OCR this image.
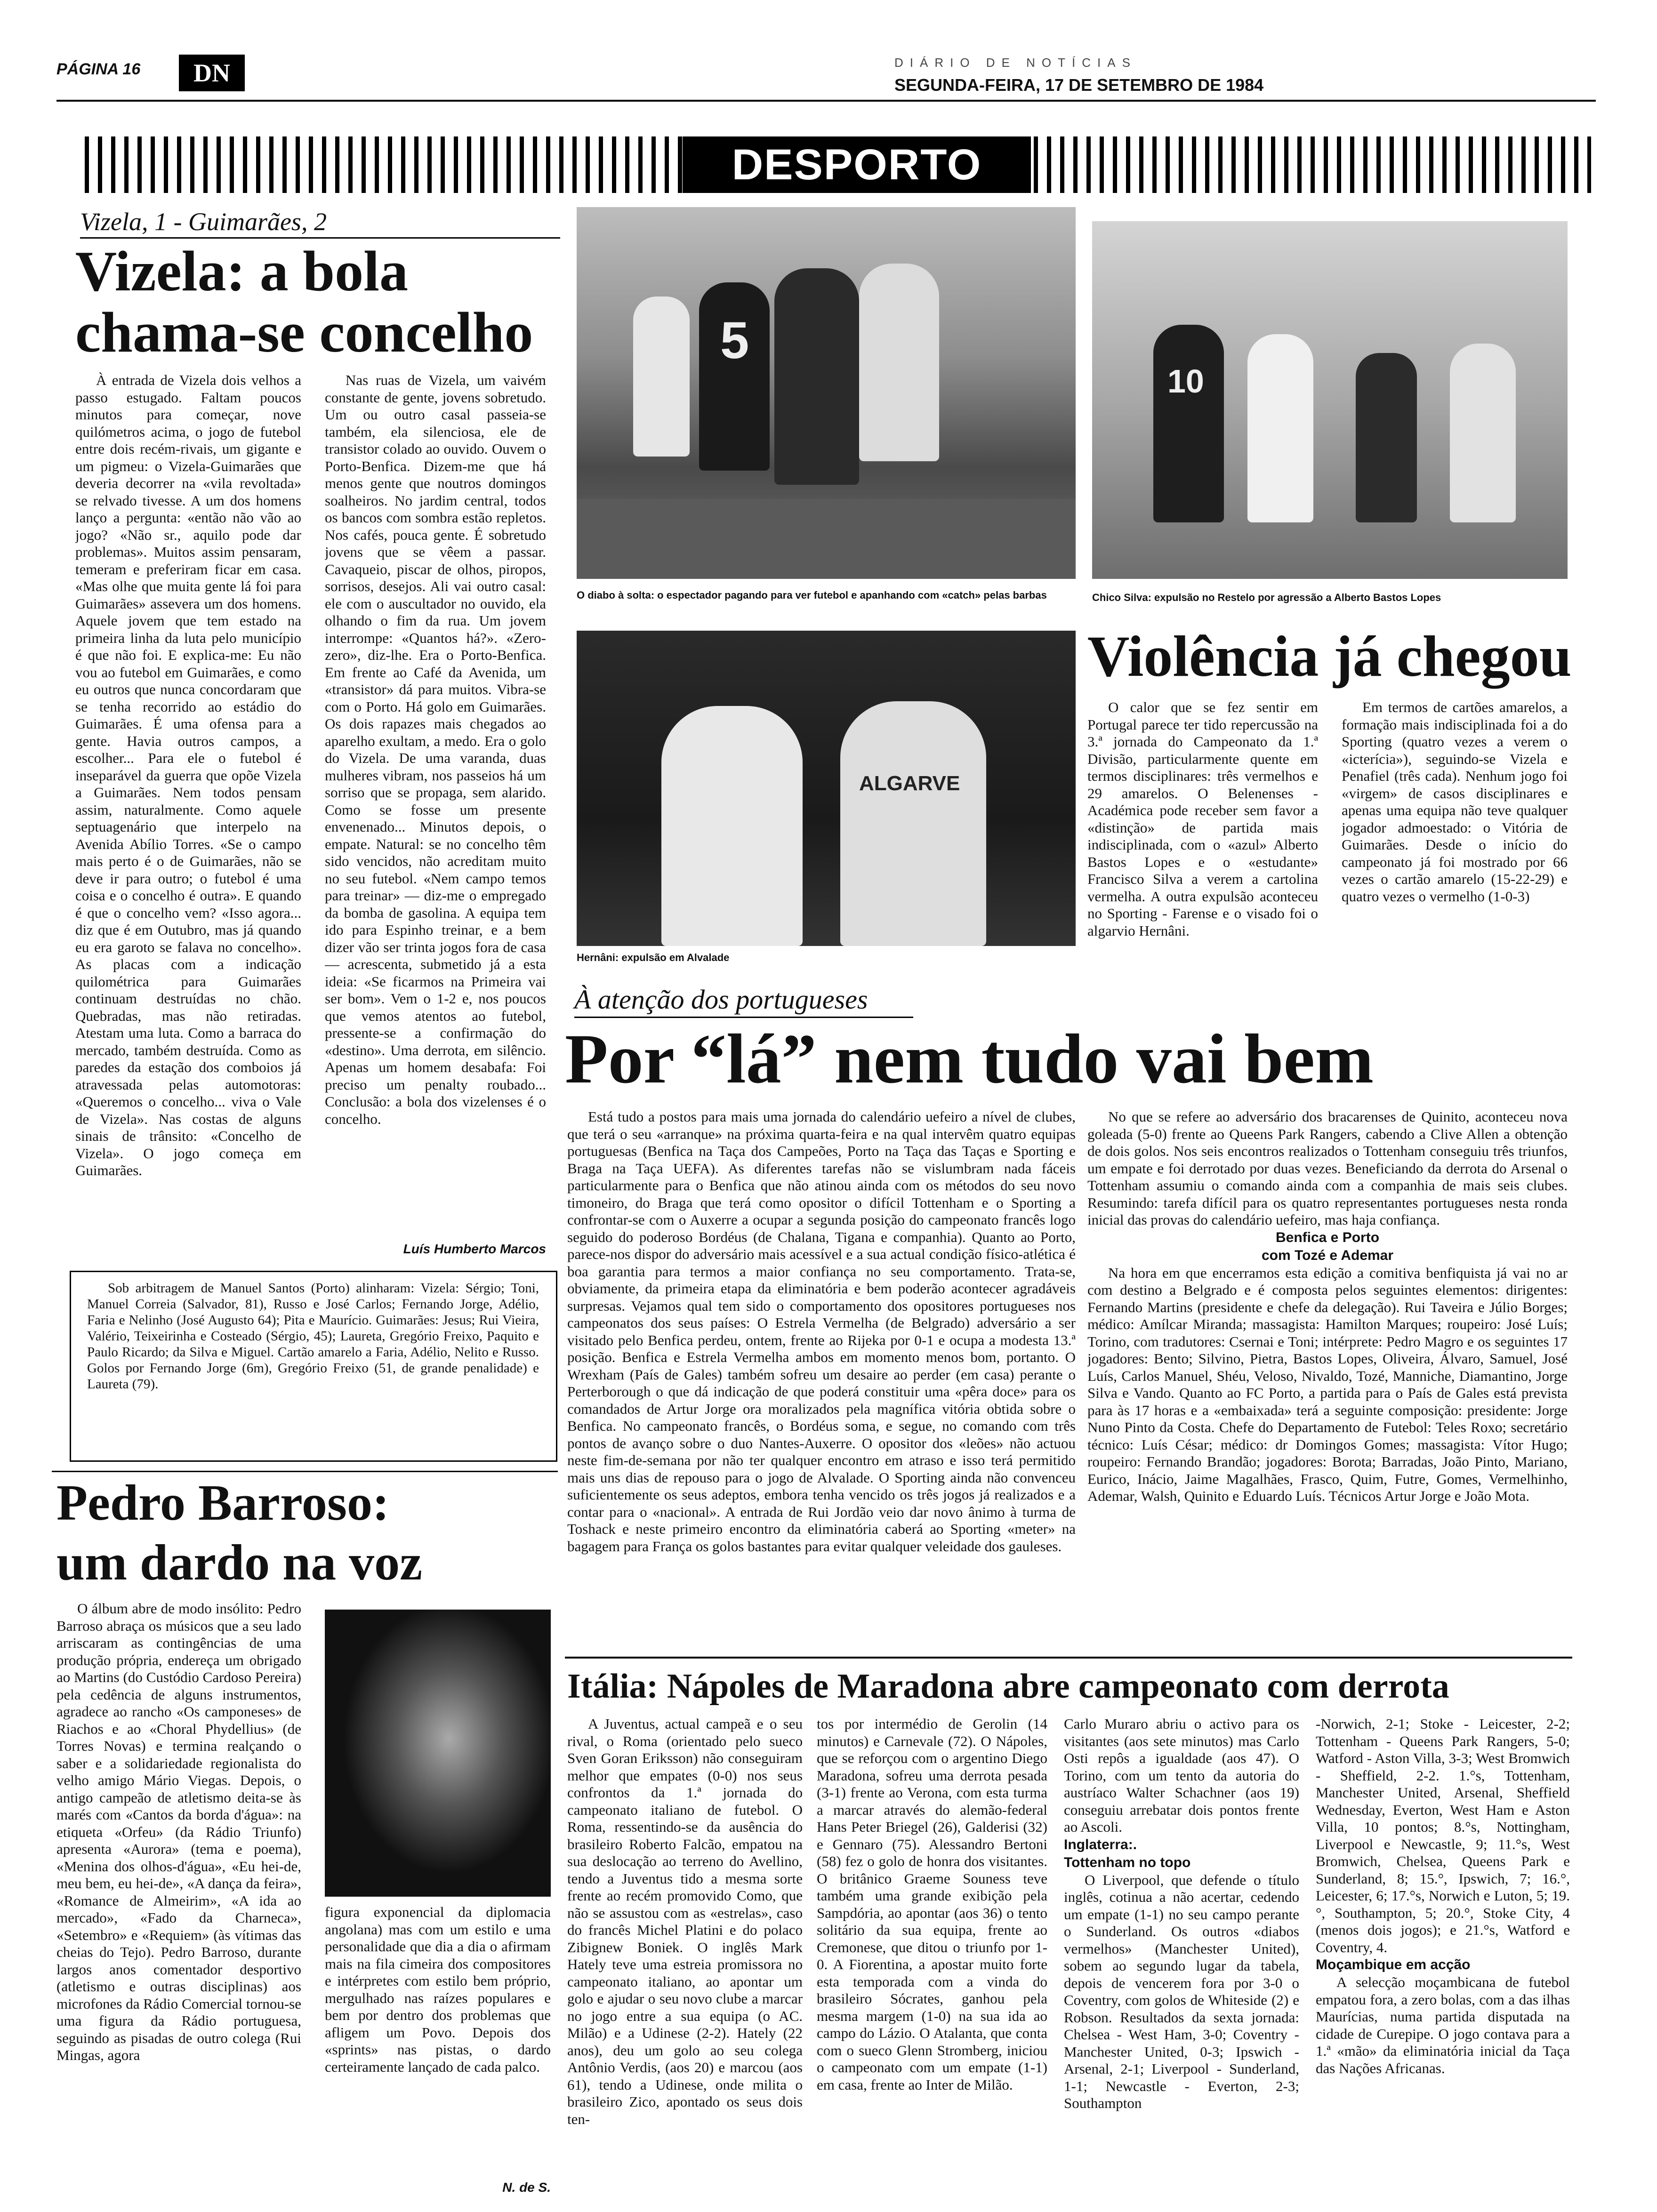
PÁGINA 16	DN	DIÁRIO DE NOTÍCIAS
SEGUNDA-FEIRA, 17 DE SETEMBRO DE 1984
DESPORTO
Vizela, 1 - Guimarães, 2
Vizela: a bola
chama-se concelho

À entrada de Vizela dois velhos a passo estugado. Faltam poucos minutos para começar, nove quilómetros acima, o jogo de futebol entre dois recém-rivais, um gigante e um pigmeu: o Vizela-Guimarães que deveria decorrer na «vila revoltada» se relvado tivesse. A um dos homens lanço a pergunta: «então não vão ao jogo? «Não sr., aquilo pode dar problemas». Muitos assim pensaram, temeram e preferiram ficar em casa. «Mas olhe que muita gente lá foi para Guimarães» assevera um dos homens. Aquele jovem que tem estado na primeira linha da luta pelo município é que não foi. E explica-me: Eu não vou ao futebol em Guimarães, e como eu outros que nunca concordaram que se tenha recorrido ao estádio do Guimarães. É uma ofensa para a gente. Havia outros campos, a escolher... Para ele o futebol é inseparável da guerra que opõe Vizela a Guimarães. Nem todos pensam assim, naturalmente. Como aquele septuagenário que interpelo na Avenida Abílio Torres. «Se o campo mais perto é o de Guimarães, não se deve ir para outro; o futebol é uma coisa e o concelho é outra». E quando é que o concelho vem? «Isso agora... diz que é em Outubro, mas já quando eu era garoto se falava no concelho». As placas com a indicação quilométrica para Guimarães continuam destruídas no chão. Quebradas, mas não retiradas. Atestam uma luta. Como a barraca do mercado, também destruída. Como as paredes da estação dos comboios já atravessada pelas automotoras: «Queremos o concelho... viva o Vale de Vizela». Nas costas de alguns sinais de trânsito: «Concelho de Vizela». O jogo começa em Guimarães.

Nas ruas de Vizela, um vaivém constante de gente, jovens sobretudo. Um ou outro casal passeia-se também, ela silenciosa, ele de transistor colado ao ouvido. Ouvem o Porto-Benfica. Dizem-me que há menos gente que noutros domingos soalheiros. No jardim central, todos os bancos com sombra estão repletos. Nos cafés, pouca gente. É sobretudo jovens que se vêem a passar. Cavaqueio, piscar de olhos, piropos, sorrisos, desejos. Ali vai outro casal: ele com o auscultador no ouvido, ela olhando o fim da rua. Um jovem interrompe: «Quantos há?». «Zero-zero», diz-lhe. Era o Porto-Benfica. Em frente ao Café da Avenida, um «transistor» dá para muitos. Vibra-se com o Porto. Há golo em Guimarães. Os dois rapazes mais chegados ao aparelho exultam, a medo. Era o golo do Vizela. De uma varanda, duas mulheres vibram, nos passeios há um sorriso que se propaga, sem alarido. Como se fosse um presente envenenado... Minutos depois, o empate. Natural: se no concelho têm sido vencidos, não acreditam muito no seu futebol. «Nem campo temos para treinar» — diz-me o empregado da bomba de gasolina. A equipa tem ido para Espinho treinar, e a bem dizer vão ser trinta jogos fora de casa — acrescenta, submetido já a esta ideia: «Se ficarmos na Primeira vai ser bom». Vem o 1-2 e, nos poucos que vemos atentos ao futebol, pressente-se a confirmação do «destino». Uma derrota, em silêncio. Apenas um homem desabafa: Foi preciso um penalty roubado... Conclusão: a bola dos vizelenses é o concelho.

Luís Humberto Marcos

Sob arbitragem de Manuel Santos (Porto) alinharam: Vizela: Sérgio; Toni, Manuel Correia (Salvador, 81), Russo e José Carlos; Fernando Jorge, Adélio, Faria e Nelinho (José Augusto 64); Pita e Maurício. Guimarães: Jesus; Rui Vieira, Valério, Teixeirinha e Costeado (Sérgio, 45); Laureta, Gregório Freixo, Paquito e Paulo Ricardo; da Silva e Miguel. Cartão amarelo a Faria, Adélio, Nelito e Russo. Golos por Fernando Jorge (6m), Gregório Freixo (51, de grande penalidade) e Laureta (79).

5
O diabo à solta: o espectador pagando para ver futebol e apanhando com «catch» pelas barbas
10
Chico Silva: expulsão no Restelo por agressão a Alberto Bastos Lopes
ALGARVE
Hernâni: expulsão em Alvalade
Violência já chegou

O calor que se fez sentir em Portugal parece ter tido repercussão na 3.ª jornada do Campeonato da 1.ª Divisão, particularmente quente em termos disciplinares: três vermelhos e 29 amarelos. O Belenenses - Académica pode receber sem favor a «distinção» de partida mais indisciplinada, com o «azul» Alberto Bastos Lopes e o «estudante» Francisco Silva a verem a cartolina vermelha. A outra expulsão aconteceu no Sporting - Farense e o visado foi o algarvio Hernâni.

Em termos de cartões amarelos, a formação mais indisciplinada foi a do Sporting (quatro vezes a verem o «icterícia»), seguindo-se Vizela e Penafiel (três cada). Nenhum jogo foi «virgem» de casos disciplinares e apenas uma equipa não teve qualquer jogador admoestado: o Vitória de Guimarães. Desde o início do campeonato já foi mostrado por 66 vezes o cartão amarelo (15-22-29) e quatro vezes o vermelho (1-0-3)

À atenção dos portugueses
Por “lá” nem tudo vai bem

Está tudo a postos para mais uma jornada do calendário uefeiro a nível de clubes, que terá o seu «arranque» na próxima quarta-feira e na qual intervêm quatro equipas portuguesas (Benfica na Taça dos Campeões, Porto na Taça das Taças e Sporting e Braga na Taça UEFA). As diferentes tarefas não se vislumbram nada fáceis particularmente para o Benfica que não atinou ainda com os métodos do seu novo timoneiro, do Braga que terá como opositor o difícil Tottenham e o Sporting a confrontar-se com o Auxerre a ocupar a segunda posição do campeonato francês logo seguido do poderoso Bordéus (de Chalana, Tigana e companhia). Quanto ao Porto, parece-nos dispor do adversário mais acessível e a sua actual condição físico-atlética é boa garantia para termos a maior confiança no seu comportamento. Trata-se, obviamente, da primeira etapa da eliminatória e bem poderão acontecer agradáveis surpresas. Vejamos qual tem sido o comportamento dos opositores portugueses nos campeonatos dos seus países: O Estrela Vermelha (de Belgrado) adversário a ser visitado pelo Benfica perdeu, ontem, frente ao Rijeka por 0-1 e ocupa a modesta 13.ª posição. Benfica e Estrela Vermelha ambos em momento menos bom, portanto. O Wrexham (País de Gales) também sofreu um desaire ao perder (em casa) perante o Perterborough o que dá indicação de que poderá constituir uma «pêra doce» para os comandados de Artur Jorge ora moralizados pela magnífica vitória obtida sobre o Benfica. No campeonato francês, o Bordéus soma, e segue, no comando com três pontos de avanço sobre o duo Nantes-Auxerre. O opositor dos «leões» não actuou neste fim-de-semana por não ter qualquer encontro em atraso e isso terá permitido mais uns dias de repouso para o jogo de Alvalade. O Sporting ainda não convenceu suficientemente os seus adeptos, embora tenha vencido os três jogos já realizados e a contar para o «nacional». A entrada de Rui Jordão veio dar novo ânimo à turma de Toshack e neste primeiro encontro da eliminatória caberá ao Sporting «meter» na bagagem para França os golos bastantes para evitar qualquer veleidade dos gauleses.

No que se refere ao adversário dos bracarenses de Quinito, aconteceu nova goleada (5-0) frente ao Queens Park Rangers, cabendo a Clive Allen a obtenção de dois golos. Nos seis encontros realizados o Tottenham conseguiu três triunfos, um empate e foi derrotado por duas vezes. Beneficiando da derrota do Arsenal o Tottenham assumiu o comando ainda com a companhia de mais seis clubes. Resumindo: tarefa difícil para os quatro representantes portugueses nesta ronda inicial das provas do calendário uefeiro, mas haja confiança.

Benfica e Porto
com Tozé e Ademar

Na hora em que encerramos esta edição a comitiva benfiquista já vai no ar com destino a Belgrado e é composta pelos seguintes elementos: dirigentes: Fernando Martins (presidente e chefe da delegação). Rui Taveira e Júlio Borges; médico: Amílcar Miranda; massagista: Hamilton Marques; roupeiro: José Luís; Torino, com tradutores: Csernai e Toni; intérprete: Pedro Magro e os seguintes 17 jogadores: Bento; Silvino, Pietra, Bastos Lopes, Oliveira, Álvaro, Samuel, José Luís, Carlos Manuel, Shéu, Veloso, Nivaldo, Tozé, Manniche, Diamantino, Jorge Silva e Vando. Quanto ao FC Porto, a partida para o País de Gales está prevista para às 17 horas e a «embaixada» terá a seguinte composição: presidente: Jorge Nuno Pinto da Costa. Chefe do Departamento de Futebol: Teles Roxo; secretário técnico: Luís César; médico: dr Domingos Gomes; massagista: Vítor Hugo; roupeiro: Fernando Brandão; jogadores: Borota; Barradas, João Pinto, Mariano, Eurico, Inácio, Jaime Magalhães, Frasco, Quim, Futre, Gomes, Vermelhinho, Ademar, Walsh, Quinito e Eduardo Luís. Técnicos Artur Jorge e João Mota.

Pedro Barroso:
um dardo na voz

O álbum abre de modo insólito: Pedro Barroso abraça os músicos que a seu lado arriscaram as contingências de uma produção própria, endereça um obrigado ao Martins (do Custódio Cardoso Pereira) pela cedência de alguns instrumentos, agradece ao rancho «Os camponeses» de Riachos e ao «Choral Phydellius» (de Torres Novas) e termina realçando o saber e a solidariedade regionalista do velho amigo Mário Viegas. Depois, o antigo campeão de atletismo deita-se às marés com «Cantos da borda d'água»: na etiqueta «Orfeu» (da Rádio Triunfo) apresenta «Aurora» (tema e poema), «Menina dos olhos-d'água», «Eu hei-de, meu bem, eu hei-de», «A dança da feira», «Romance de Almeirim», «A ida ao mercado», «Fado da Charneca», «Setembro» e «Requiem» (às vítimas das cheias do Tejo). Pedro Barroso, durante largos anos comentador desportivo (atletismo e outras disciplinas) aos microfones da Rádio Comercial tornou-se uma figura da Rádio portuguesa, seguindo as pisadas de outro colega (Rui Mingas, agora

figura exponencial da diplomacia angolana) mas com um estilo e uma personalidade que dia a dia o afirmam mais na fila cimeira dos compositores e intérpretes com estilo bem próprio, mergulhado nas raízes populares e bem por dentro dos problemas que afligem um Povo. Depois dos «sprints» nas pistas, o dardo certeiramente lançado de cada palco.

N. de S.
Itália: Nápoles de Maradona abre campeonato com derrota

A Juventus, actual campeã e o seu rival, o Roma (orientado pelo sueco Sven Goran Eriksson) não conseguiram melhor que empates (0-0) nos seus confrontos da 1.ª jornada do campeonato italiano de futebol. O Roma, ressentindo-se da ausência do brasileiro Roberto Falcão, empatou na sua deslocação ao terreno do Avellino, tendo a Juventus tido a mesma sorte frente ao recém promovido Como, que não se assustou com as «estrelas», caso do francês Michel Platini e do polaco Zibignew Boniek. O inglês Mark Hately teve uma estreia promissora no campeonato italiano, ao apontar um golo e ajudar o seu novo clube a marcar no jogo entre a sua equipa (o AC. Milão) e a Udinese (2-2). Hately (22 anos), deu um golo ao seu colega Antônio Verdis, (aos 20) e marcou (aos 61), tendo a Udinese, onde milita o brasileiro Zico, apontado os seus dois ten-

tos por intermédio de Gerolin (14 minutos) e Carnevale (72). O Nápoles, que se reforçou com o argentino Diego Maradona, sofreu uma derrota pesada (3-1) frente ao Verona, com esta turma a marcar através do alemão-federal Hans Peter Briegel (26), Galderisi (32) e Gennaro (75). Alessandro Bertoni (58) fez o golo de honra dos visitantes. O britânico Graeme Souness teve também uma grande exibição pela Sampdória, ao apontar (aos 36) o tento solitário da sua equipa, frente ao Cremonese, que ditou o triunfo por 1-0. A Fiorentina, a apostar muito forte esta temporada com a vinda do brasileiro Sócrates, ganhou pela mesma margem (1-0) na sua ida ao campo do Lázio. O Atalanta, que conta com o sueco Glenn Stromberg, iniciou o campeonato com um empate (1-1) em casa, frente ao Inter de Milão.

Carlo Muraro abriu o activo para os visitantes (aos sete minutos) mas Carlo Osti repôs a igualdade (aos 47). O Torino, com um tento da autoria do austríaco Walter Schachner (aos 19) conseguiu arrebatar dois pontos frente ao Ascoli.

Inglaterra:.
Tottenham no topo

O Liverpool, que defende o título inglês, cotinua a não acertar, cedendo um empate (1-1) no seu campo perante o Sunderland. Os outros «diabos vermelhos» (Manchester United), sobem ao segundo lugar da tabela, depois de vencerem fora por 3-0 o Coventry, com golos de Whiteside (2) e Robson. Resultados da sexta jornada: Chelsea - West Ham, 3-0; Coventry - Manchester United, 0-3; Ipswich - Arsenal, 2-1; Liverpool - Sunderland, 1-1; Newcastle - Everton, 2-3; Southampton

-Norwich, 2-1; Stoke - Leicester, 2-2; Tottenham - Queens Park Rangers, 5-0; Watford - Aston Villa, 3-3; West Bromwich - Sheffield, 2-2. 1.°s, Tottenham, Manchester United, Arsenal, Sheffield Wednesday, Everton, West Ham e Aston Villa, 10 pontos; 8.°s, Nottingham, Liverpool e Newcastle, 9; 11.°s, West Bromwich, Chelsea, Queens Park e Sunderland, 8; 15.°, Ipswich, 7; 16.°, Leicester, 6; 17.°s, Norwich e Luton, 5; 19.°, Southampton, 5; 20.°, Stoke City, 4 (menos dois jogos); e 21.°s, Watford e Coventry, 4.

Moçambique em acção

A selecção moçambicana de futebol empatou fora, a zero bolas, com a das ilhas Maurícias, numa partida disputada na cidade de Curepipe. O jogo contava para a 1.ª «mão» da eliminatória inicial da Taça das Nações Africanas.
